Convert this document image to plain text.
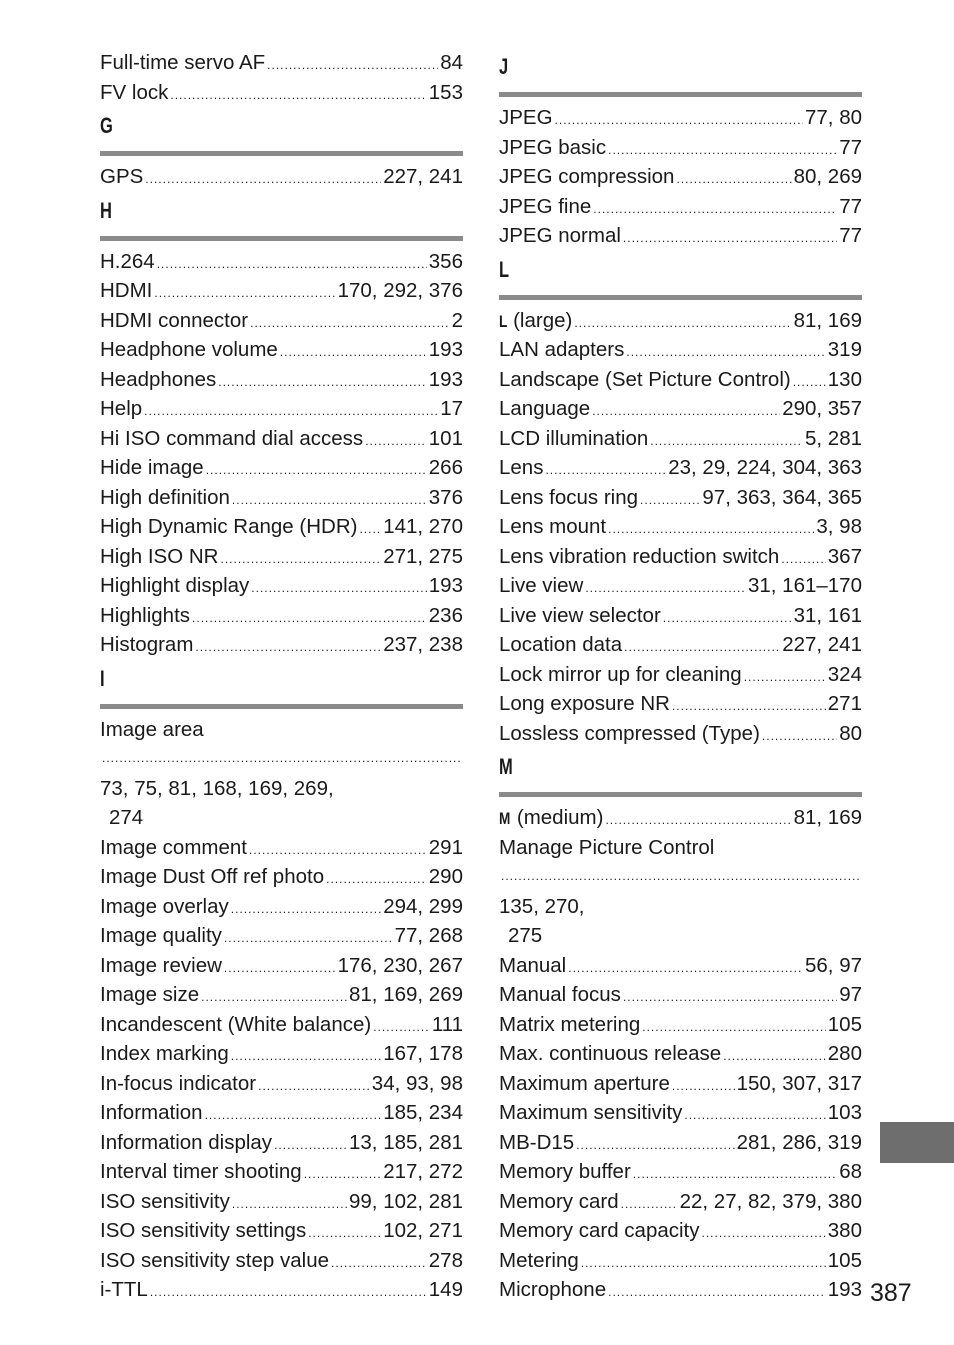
Full-time servo AF .....	84
FV lock .....	153
G
GPS .....	227, 241
H
H.264 .....	356
HDMI .....	170, 292, 376
HDMI connector .....	2
Headphone volume .....	193
Headphones .....	193
Help .....	17
Hi ISO command dial access .....	101
Hide image .....	266
High definition .....	376
High Dynamic Range (HDR) ..... 141, 270
High ISO NR .....	271, 275
Highlight display .....	193
Highlights .....	236
Histogram .....	237, 238
I
Image area
.....
73, 75, 81, 168, 169, 269,
274
Image comment .....	291
Image Dust Off ref photo .....	290
Image overlay .....	294, 299
Image quality .....	77, 268
Image review .....	176, 230, 267
Image size .....	81, 169, 269
Incandescent (White balance) .....	111
Index marking .....	167, 178
In-focus indicator .....	34, 93, 98
Information .....	185, 234
Information display .....	13, 185, 281
Interval timer shooting .....	217, 272
ISO sensitivity .....	99, 102, 281
ISO sensitivity settings .....	102, 271
ISO sensitivity step value .....	278
i-TTL .....	149
J
JPEG .....	77, 80
JPEG basic .....	77
JPEG compression .....	80, 269
JPEG fine .....	77
JPEG normal .....	77
L
L (large) .....	81, 169
LAN adapters .....	319
Landscape (Set Picture Control) ..... 130
Language .....	290, 357
LCD illumination .....	5, 281
Lens .....	23, 29, 224, 304, 363
Lens focus ring .....	97, 363, 364, 365
Lens mount .....	3, 98
Lens vibration reduction switch ..... 367
Live view .....	31, 161–170
Live view selector .....	31, 161
Location data .....	227, 241
Lock mirror up for cleaning .....	324
Long exposure NR .....	271
Lossless compressed (Type) .....	80
M
M (medium) .....	81, 169
Manage Picture Control
.....
135, 270,
275
Manual .....	56, 97
Manual focus .....	97
Matrix metering .....	105
Max. continuous release .....	280
Maximum aperture .....	150, 307, 317
Maximum sensitivity .....	103
MB-D15 .....	281, 286, 319
Memory buffer .....	68
Memory card .....	22, 27, 82, 379, 380
Memory card capacity .....	380
Metering .....	105
Microphone .....	193 387
